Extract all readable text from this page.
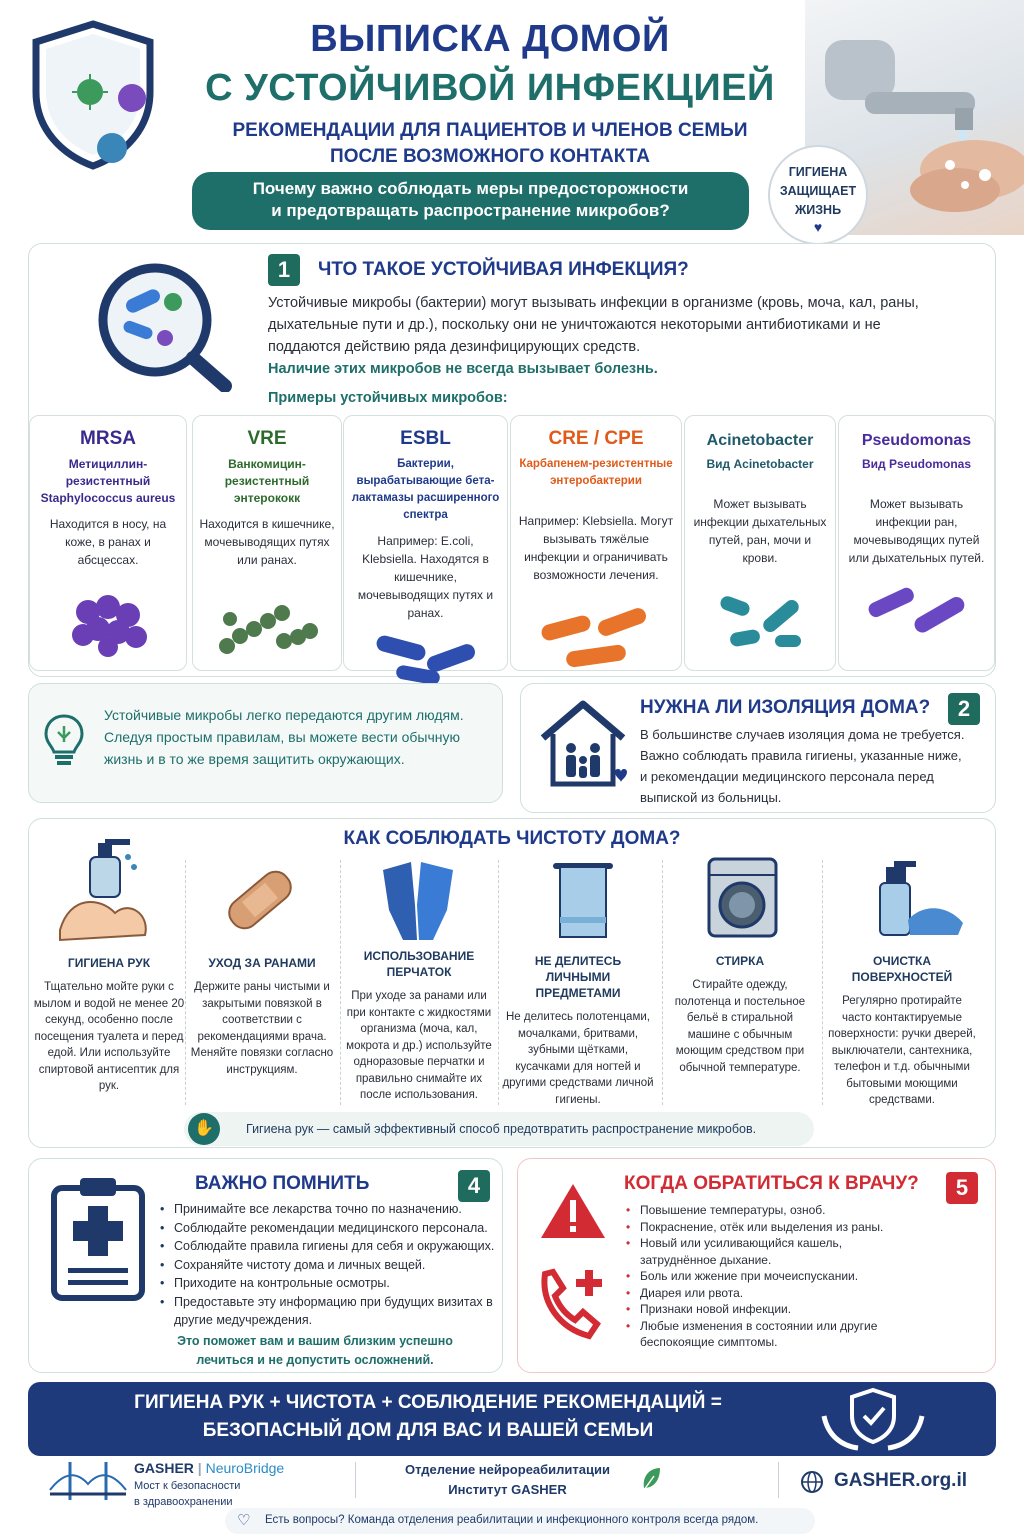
ВЫПИСКА ДОМОЙ
С УСТОЙЧИВОЙ ИНФЕКЦИЕЙ
РЕКОМЕНДАЦИИ ДЛЯ ПАЦИЕНТОВ И ЧЛЕНОВ СЕМЬИ
ПОСЛЕ ВОЗМОЖНОГО КОНТАКТА
Почему важно соблюдать меры предосторожности
и предотвращать распространение микробов?
ГИГИЕНА
ЗАЩИЩАЕТ
ЖИЗНЬ
♥
1	ЧТО ТАКОЕ УСТОЙЧИВАЯ ИНФЕКЦИЯ?
Устойчивые микробы (бактерии) могут вызывать инфекции в организме (кровь, моча, кал, раны, дыхательные пути и др.), поскольку они не уничтожаются некоторыми антибиотиками и не поддаются действию ряда дезинфицирующих средств.
Наличие этих микробов не всегда вызывает болезнь.
Примеры устойчивых микробов:
MRSA
Метициллин-резистентный Staphylococcus aureus
Находится в носу, на коже, в ранах и абсцессах.
VRE
Ванкомицин-резистентный энтерококк
Находится в кишечнике, мочевыводящих путях или ранах.
ESBL
Бактерии, вырабатывающие бета-лактамазы расширенного спектра
Например: E.coli, Klebsiella. Находятся в кишечнике, мочевыводящих путях и ранах.
CRE / CPE
Карбапенем-резистентные энтеробактерии
Например: Klebsiella. Могут вызывать тяжёлые инфекции и ограничивать возможности лечения.
Acinetobacter
Вид Acinetobacter
Может вызывать инфекции дыхательных путей, ран, мочи и крови.
Pseudomonas
Вид Pseudomonas
Может вызывать инфекции ран, мочевыводящих путей или дыхательных путей.
Устойчивые микробы легко передаются другим людям. Следуя простым правилам, вы можете вести обычную жизнь и в то же время защитить окружающих.
НУЖНА ЛИ ИЗОЛЯЦИЯ ДОМА?	2
В большинстве случаев изоляция дома не требуется. Важно соблюдать правила гигиены, указанные ниже, и рекомендации медицинского персонала перед выпиской из больницы.
КАК СОБЛЮДАТЬ ЧИСТОТУ ДОМА?
ГИГИЕНА РУК
Тщательно мойте руки с мылом и водой не менее 20 секунд, особенно после посещения туалета и перед едой. Или используйте спиртовой антисептик для рук.
УХОД ЗА РАНАМИ
Держите раны чистыми и закрытыми повязкой в соответствии с рекомендациями врача. Меняйте повязки согласно инструкциям.
ИСПОЛЬЗОВАНИЕ ПЕРЧАТОК
При уходе за ранами или при контакте с жидкостями организма (моча, кал, мокрота и др.) используйте одноразовые перчатки и правильно снимайте их после использования.
НЕ ДЕЛИТЕСЬ ЛИЧНЫМИ ПРЕДМЕТАМИ
Не делитесь полотенцами, мочалками, бритвами, зубными щётками, кусачками для ногтей и другими средствами личной гигиены.
СТИРКА
Стирайте одежду, полотенца и постельное бельё в стиральной машине с обычным моющим средством при обычной температуре.
ОЧИСТКА ПОВЕРХНОСТЕЙ
Регулярно протирайте часто контактируемые поверхности: ручки дверей, выключатели, сантехника, телефон и т.д. обычными бытовыми моющими средствами.
✋	Гигиена рук — самый эффективный способ предотвратить распространение микробов.
ВАЖНО ПОМНИТЬ	4
• Принимайте все лекарства точно по назначению.
• Соблюдайте рекомендации медицинского персонала.
• Соблюдайте правила гигиены для себя и окружающих.
• Сохраняйте чистоту дома и личных вещей.
• Приходите на контрольные осмотры.
• Предоставьте эту информацию при будущих визитах в другие медучреждения.
Это поможет вам и вашим близким успешно лечиться и не допустить осложнений.
КОГДА ОБРАТИТЬСЯ К ВРАЧУ?	5
• Повышение температуры, озноб.
• Покраснение, отёк или выделения из раны.
• Новый или усиливающийся кашель, затруднённое дыхание.
• Боль или жжение при мочеиспускании.
• Диарея или рвота.
• Признаки новой инфекции.
• Любые изменения в состоянии или другие беспокоящие симптомы.
ГИГИЕНА РУК + ЧИСТОТА + СОБЛЮДЕНИЕ РЕКОМЕНДАЦИЙ =
БЕЗОПАСНЫЙ ДОМ ДЛЯ ВАС И ВАШЕЙ СЕМЬИ
GASHER | NeuroBridge
Мост к безопасности
в здравоохранении
Отделение нейрореабилитации
Институт GASHER	GASHER.org.il
♡ Есть вопросы? Команда отделения реабилитации и инфекционного контроля всегда рядом.
